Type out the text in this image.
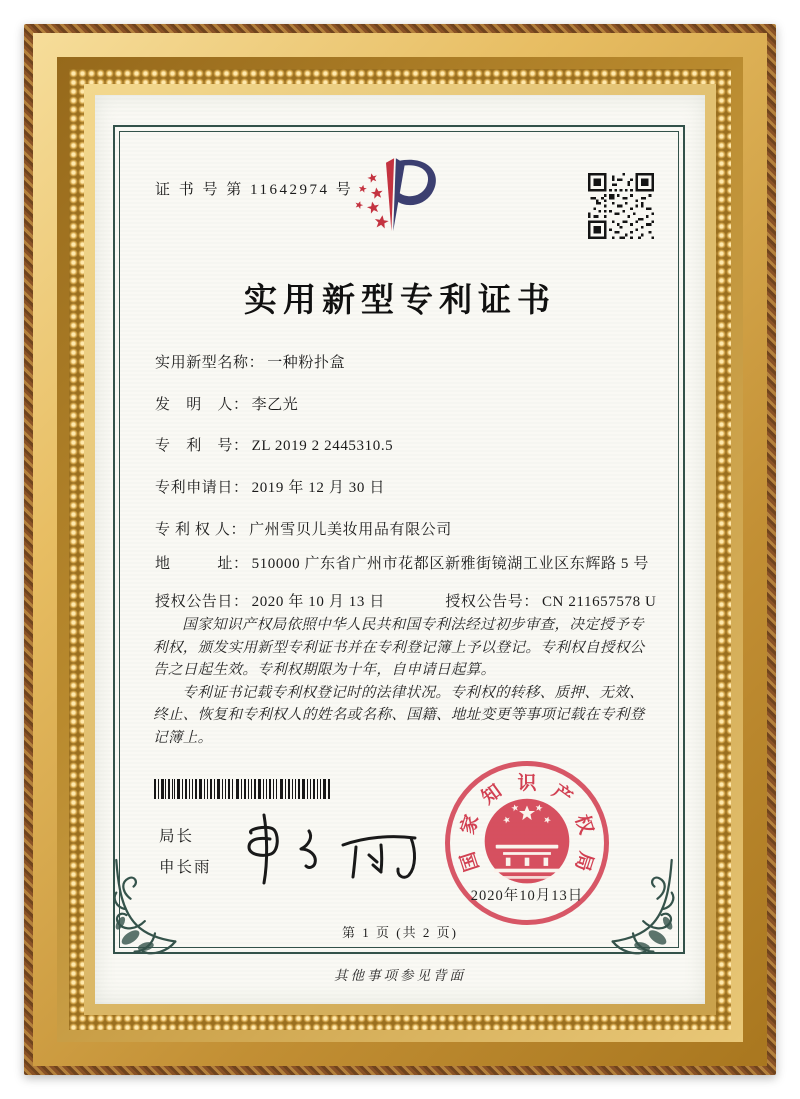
证 书 号 第 11642974 号
实用新型专利证书
实用新型名称： 一种粉扑盒
发　明　人： 李乙光
专　利　号： ZL 2019 2 2445310.5
专利申请日： 2019 年 12 月 30 日
专 利 权 人： 广州雪贝儿美妆用品有限公司
地　　　址： 510000 广东省广州市花都区新雅街镜湖工业区东辉路 5 号
授权公告日： 2020 年 10 月 13 日	授权公告号： CN 211657578 U

国家知识产权局依照中华人民共和国专利法经过初步审查，决定授予专利权，颁发实用新型专利证书并在专利登记簿上予以登记。专利权自授权公告之日起生效。专利权期限为十年，自申请日起算。

专利证书记载专利权登记时的法律状况。专利权的转移、质押、无效、终止、恢复和专利权人的姓名或名称、国籍、地址变更等事项记载在专利登记簿上。

局长
申长雨	国
家
知 识 产
权
局
2020年10月13日
第 1 页 (共 2 页)
其他事项参见背面
